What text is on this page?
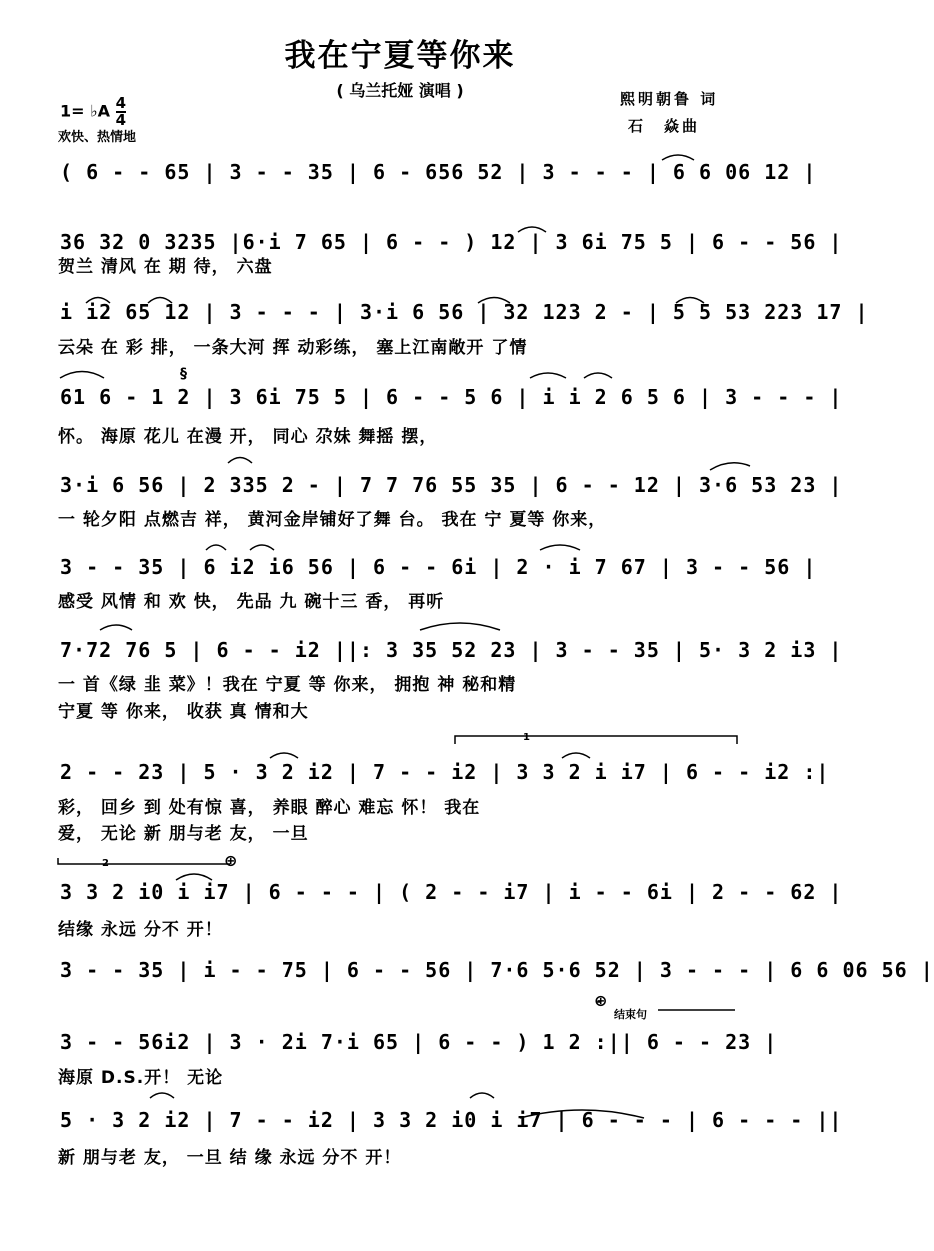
我在宁夏等你来
( 乌兰托娅 演唱 )	熙明朝鲁 词
石　焱曲
1= ♭A $\frac{4}{4}$
欢快、热情地
( 6 - - 65 | 3 - - 35 | 6 - 656 52 | 3 - - - | 6 6 06 12 |
36 32 0 3235 |6·i 7 65 | 6 - - ) 12 | 3 6i 75 5 | 6 - - 56 |
贺兰 清风 在 期 待， 六盘
i i2 65 12 | 3 - - - | 3·i 6 56 | 32 123 2 - | 5 5 53 223 17 |
云朵 在 彩 排， 一条大河 挥 动彩练， 塞上江南敞开 了情
61 6 - 1 2 | 3 6i 75 5 | 6 - - 5 6 | i i 2 6 5 6 | 3 - - - |
怀。 海原 花儿 在漫 开， 同心 尕妹 舞摇 摆，
3·i 6 56 | 2 335 2 - | 7 7 76 55 35 | 6 - - 12 | 3·6 53 23 |
一 轮夕阳 点燃吉 祥， 黄河金岸铺好了舞 台。 我在 宁 夏等 你来，
3 - - 35 | 6 i2 i6 56 | 6 - - 6i | 2 · i 7 67 | 3 - - 56 |
感受 风情 和 欢 快， 先品 九 碗十三 香， 再听
7·72 76 5 | 6 - - i2 ||: 3 35 52 23 | 3 - - 35 | 5· 3 2 i3 |
一 首《绿 韭 菜》！我在 宁夏 等 你来， 拥抱 神 秘和精
宁夏 等 你来， 收获 真 情和大
2 - - 23 | 5 · 3 2 i2 | 7 - - i2 | 3 3 2 i i7 | 6 - - i2 :|
彩， 回乡 到 处有惊 喜， 养眼 醉心 难忘 怀！ 我在
爱， 无论 新 朋与老 友， 一旦
3 3 2 i0 i i7 | 6 - - - | ( 2 - - i7 | i - - 6i | 2 - - 62 |
结缘 永远 分不 开！
3 - - 35 | i - - 75 | 6 - - 56 | 7·6 5·6 52 | 3 - - - | 6 6 06 56 |
3 - - 56i2 | 3 · 2i 7·i 65 | 6 - - ) 1 2 :|| 6 - - 23 |
海原 D.S.开！ 无论
5 · 3 2 i2 | 7 - - i2 | 3 3 2 i0 i i7 | 6 - - - | 6 - - - ||
新 朋与老 友， 一旦 结 缘 永远 分不 开！
1
2
§
⊕
⊕
结束句
